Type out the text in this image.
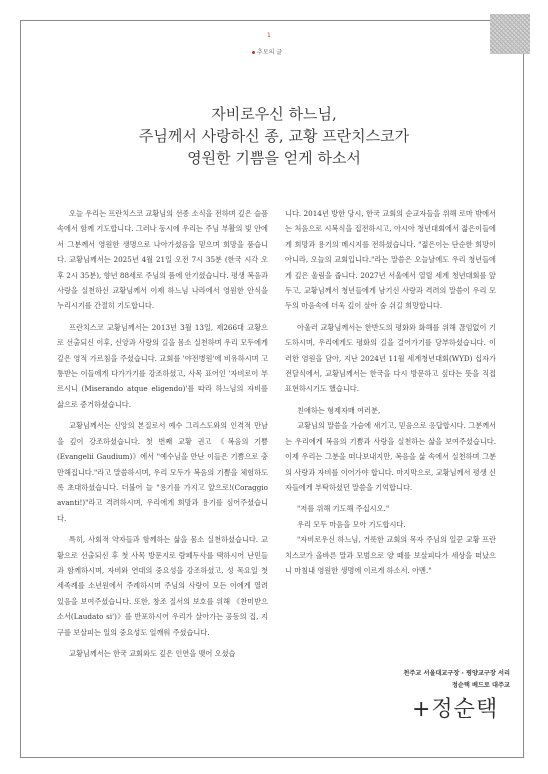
1
추모의 글
자비로우신 하느님,
주님께서 사랑하신 종, 교황 프란치스코가
영원한 기쁨을 얻게 하소서

오늘 우리는 프란치스코 교황님의 선종 소식을 전하며 깊은 슬픔 속에서 함께 기도합니다. 그러나 동시에 우리는 주님 부활의 빛 안에서 그분께서 영원한 생명으로 나아가셨음을 믿으며 희망을 품습니다. 교황님께서는 2025년 4월 21일 오전 7시 35분 (한국 시각 오후 2시 35분), 향년 88세로 주님의 품에 안기셨습니다. 평생 복음과 사랑을 실천하신 교황님께서 이제 하느님 나라에서 영원한 안식을 누리시기를 간절히 기도합니다.

프란치스코 교황님께서는 2013년 3월 13일, 제266대 교황으로 선출되신 이후, 신앙과 사랑의 길을 몸소 실천하며 우리 모두에게 깊은 영적 가르침을 주셨습니다. 교회를 '야전병원'에 비유하시며 고통받는 이들에게 다가가기를 강조하셨고, 사목 표어인 '자비로이 부르시니 (Miserando atque eligendo)'를 따라 하느님의 자비를 삶으로 증거하셨습니다.

교황님께서는 신앙의 본질로서 예수 그리스도와의 인격적 만남을 깊이 강조하셨습니다. 첫 번째 교황 권고 《복음의 기쁨(Evangelii Gaudium)》에서 "예수님을 만난 이들은 기쁨으로 충만해집니다."라고 말씀하시며, 우리 모두가 복음의 기쁨을 체험하도록 초대하셨습니다. 더불어 늘 "용기를 가지고 앞으로!(Coraggio avanti!)"라고 격려하시며, 우리에게 희망과 용기를 심어주셨습니다.

특히, 사회적 약자들과 함께하는 삶을 몸소 실천하셨습니다. 교황으로 선출되신 후 첫 사목 방문지로 람페두사를 택하시어 난민들과 함께하시며, 자비와 연대의 중요성을 강조하셨고, 성 목요일 첫 세족례를 소년원에서 주례하시며 주님의 사랑이 모든 이에게 열려 있음을 보여주셨습니다. 또한, 창조 질서의 보호를 위해 《찬미받으소서(Laudato si')》를 반포하시어 우리가 살아가는 공동의 집, 지구를 보살피는 일의 중요성도 일깨워 주셨습니다.

교황님께서는 한국 교회와도 깊은 인연을 맺어 오셨습

니다. 2014년 방한 당시, 한국 교회의 순교자들을 위해 로마 밖에서는 처음으로 시복식을 집전하시고, 아시아 청년대회에서 젊은이들에게 희망과 용기의 메시지를 전하셨습니다. "젊은이는 단순한 희망이 아니라, 오늘의 교회입니다."라는 말씀은 오늘날에도 우리 청년들에게 깊은 울림을 줍니다. 2027년 서울에서 열릴 세계 청년대회를 앞두고, 교황님께서 청년들에게 남기신 사랑과 격려의 말씀이 우리 모두의 마음속에 더욱 깊이 살아 숨 쉬길 희망합니다.

아울러 교황님께서는 한반도의 평화와 화해를 위해 끊임없이 기도하시며, 우리에게도 평화의 길을 걸어가기를 당부하셨습니다. 이러한 염원을 담아, 지난 2024년 11월 세계청년대회(WYD) 십자가 전달식에서, 교황님께서는 한국을 다시 방문하고 싶다는 뜻을 직접 표현하시기도 했습니다.

친애하는 형제자매 여러분,

교황님의 말씀을 가슴에 새기고, 믿음으로 응답합시다. 그분께서는 우리에게 복음의 기쁨과 사랑을 실천하는 삶을 보여주셨습니다. 이제 우리는 그분을 떠나보내지만, 복음을 삶 속에서 실천하며 그분의 사랑과 자비를 이어가야 합니다. 마지막으로, 교황님께서 평생 신자들에게 부탁하셨던 말씀을 기억합니다.

"저를 위해 기도해 주십시오."

우리 모두 마음을 모아 기도합시다.

"자비로우신 하느님, 거룩한 교회의 목자 주님의 일꾼 교황 프란치스코가 올바른 말과 모범으로 양 떼를 보살피다가 세상을 떠났으니 마침내 영원한 생명에 이르게 하소서. 아멘."

천주교 서울대교구장 · 평양교구장 서리
정순택 베드로 대주교
+정순택
